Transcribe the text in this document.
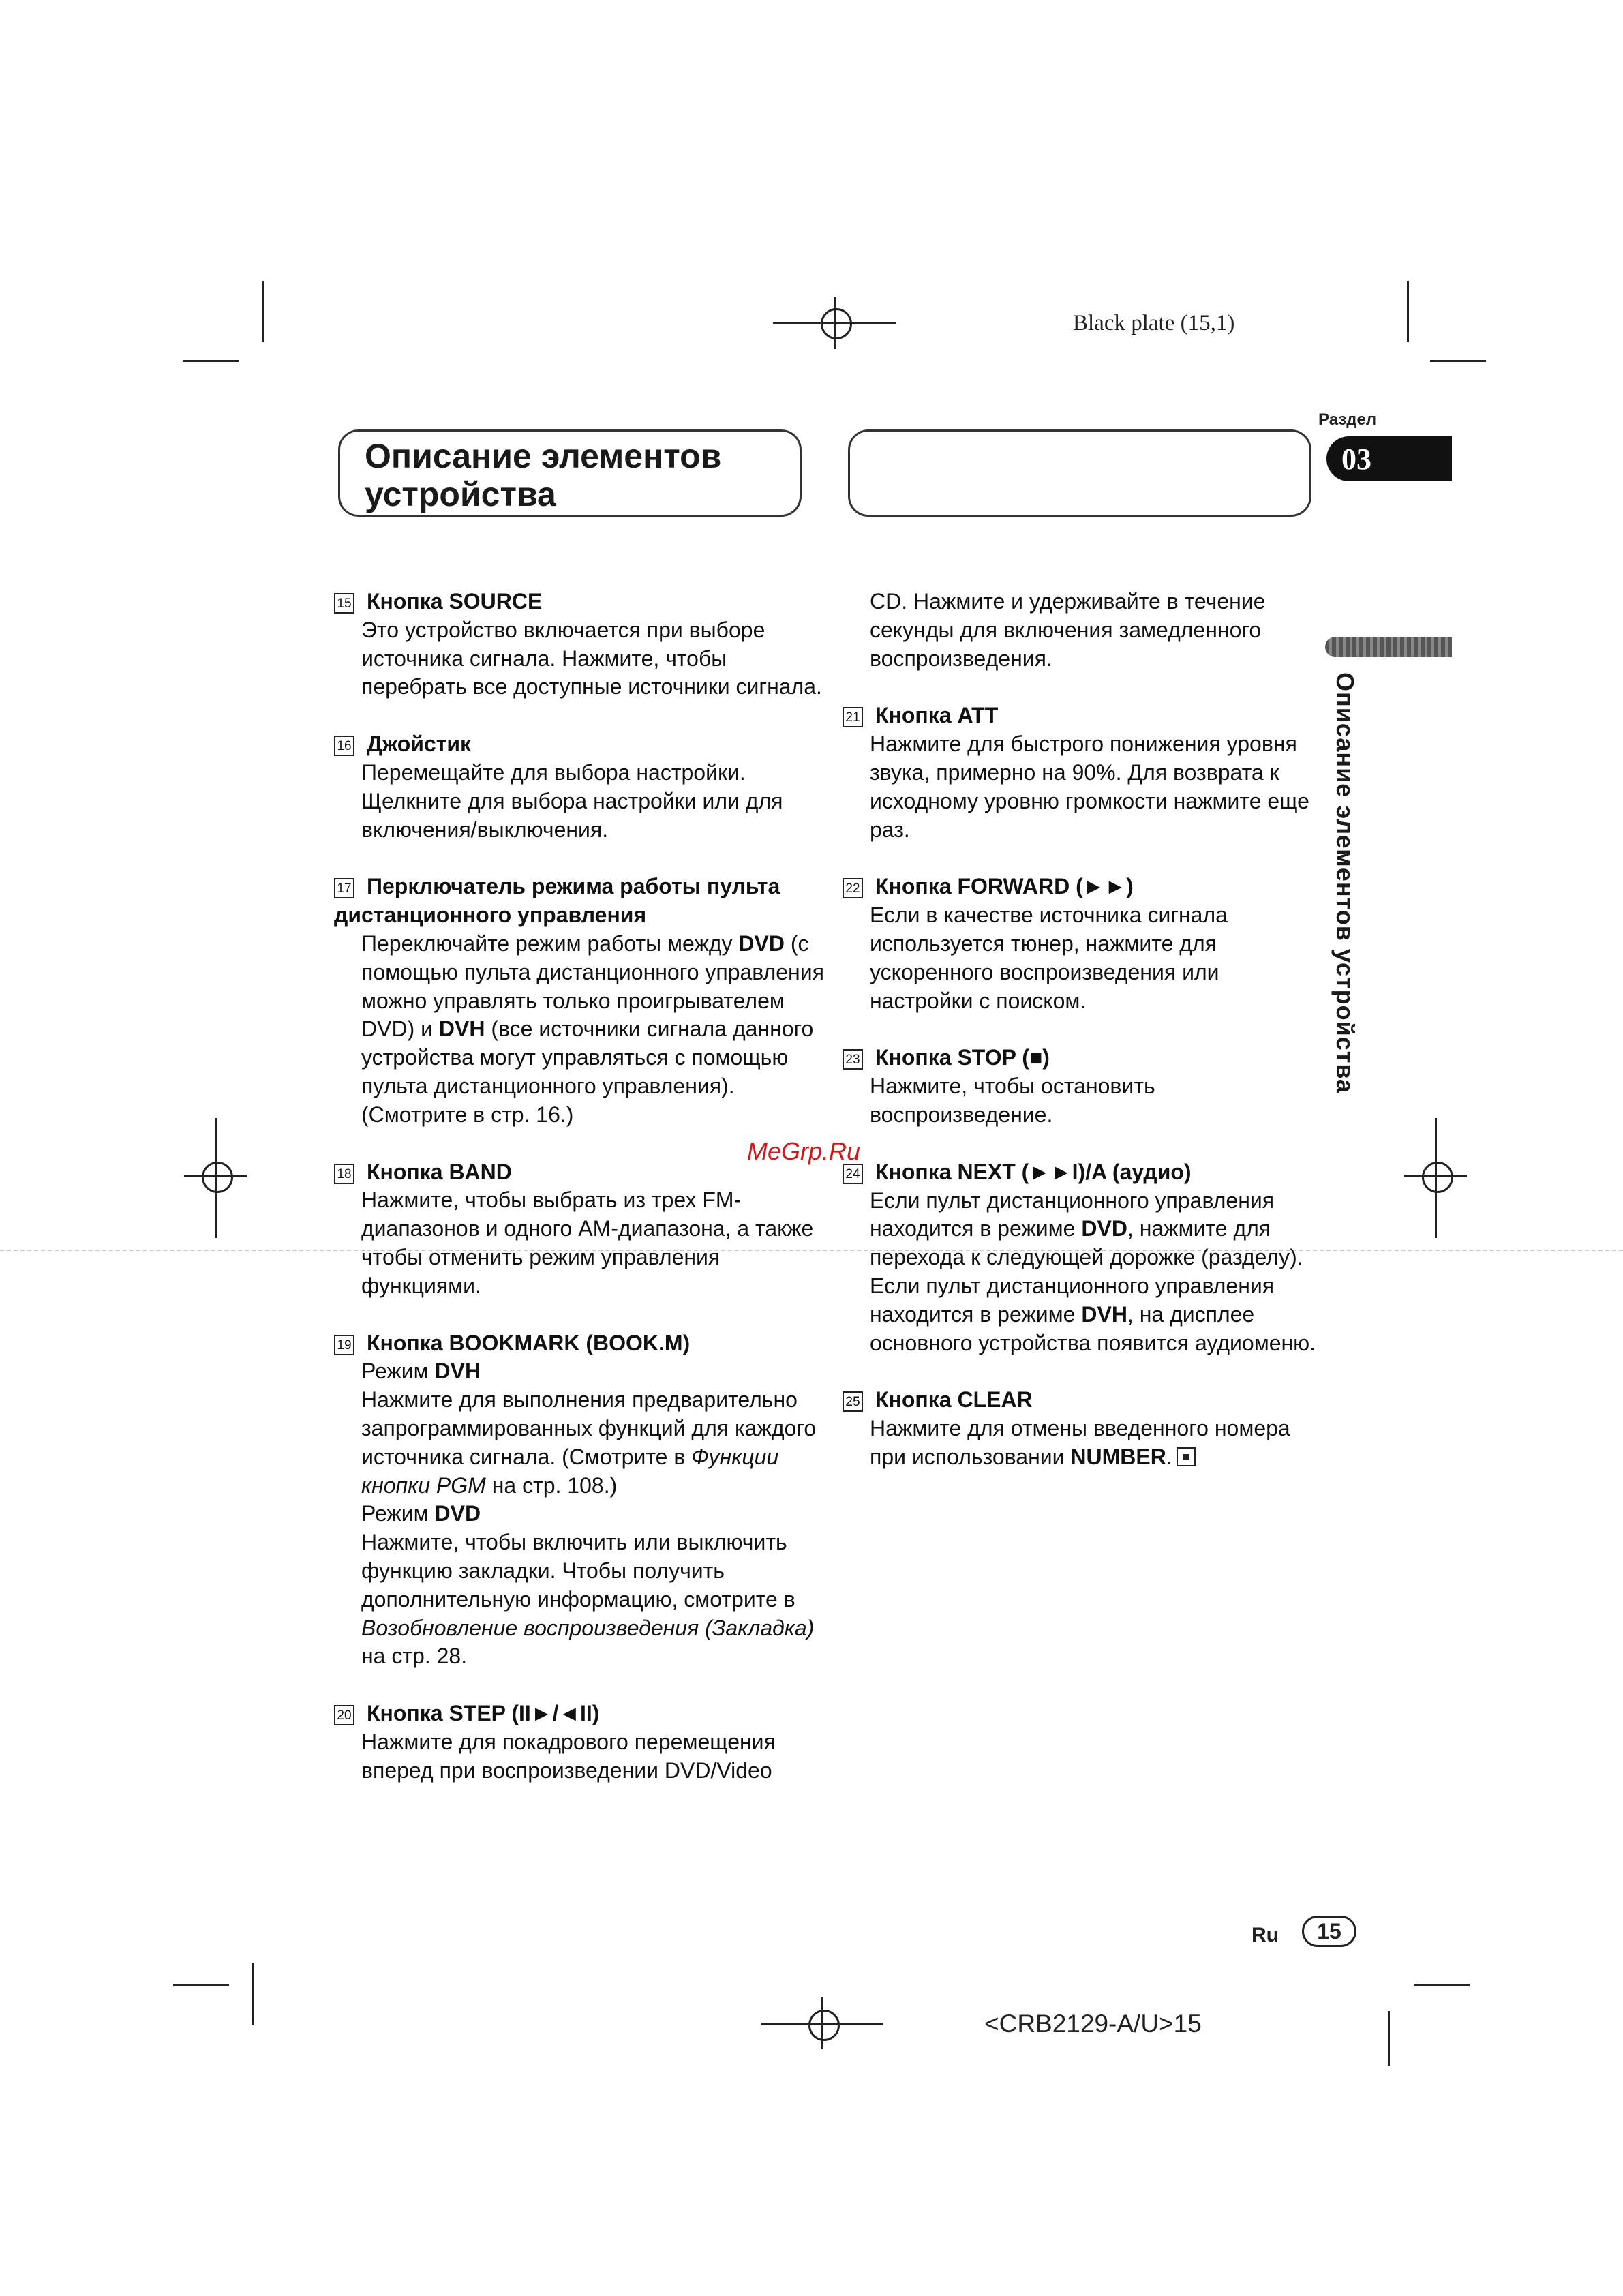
Black plate (15,1)
Описание элементов
устройства
Раздел
03
Описание элементов устройства
15 Кнопка SOURCE
Это устройство включается при выборе источника сигнала. Нажмите, чтобы перебрать все доступные источники сигнала.
16 Джойстик
Перемещайте для выбора настройки. Щелкните для выбора настройки или для включения/выключения.
17 Перключатель режима работы пульта дистанционного управления
Переключайте режим работы между DVD (с помощью пульта дистанционного управления можно управлять только проигрывателем DVD) и DVH (все источники сигнала данного устройства могут управляться с помощью пульта дистанционного управления). (Смотрите в стр. 16.)
18 Кнопка BAND
Нажмите, чтобы выбрать из трех FM-диапазонов и одного AM-диапазона, а также чтобы отменить режим управления функциями.
19 Кнопка BOOKMARK (BOOK.M)
Режим DVH
Нажмите для выполнения предварительно запрограммированных функций для каждого источника сигнала. (Смотрите в Функции кнопки PGM на стр. 108.)
Режим DVD
Нажмите, чтобы включить или выключить функцию закладки. Чтобы получить дополнительную информацию, смотрите в Возобновление воспроизведения (Закладка) на стр. 28.
20 Кнопка STEP (II►/◄II)
Нажмите для покадрового перемещения вперед при воспроизведении DVD/Video
CD. Нажмите и удерживайте в течение секунды для включения замедленного воспроизведения.
21 Кнопка ATT
Нажмите для быстрого понижения уровня звука, примерно на 90%. Для возврата к исходному уровню громкости нажмите еще раз.
22 Кнопка FORWARD (►►)
Если в качестве источника сигнала используется тюнер, нажмите для ускоренного воспроизведения или настройки с поиском.
23 Кнопка STOP (■)
Нажмите, чтобы остановить воспроизведение.
24 Кнопка NEXT (►►I)/A (аудио)
Если пульт дистанционного управления находится в режиме DVD, нажмите для перехода к следующей дорожке (разделу). Если пульт дистанционного управления находится в режиме DVH, на дисплее основного устройства появится аудиоменю.
25 Кнопка CLEAR
Нажмите для отмены введенного номера при использовании NUMBER.
MeGrp.Ru
Ru	15
<CRB2129-A/U>15
